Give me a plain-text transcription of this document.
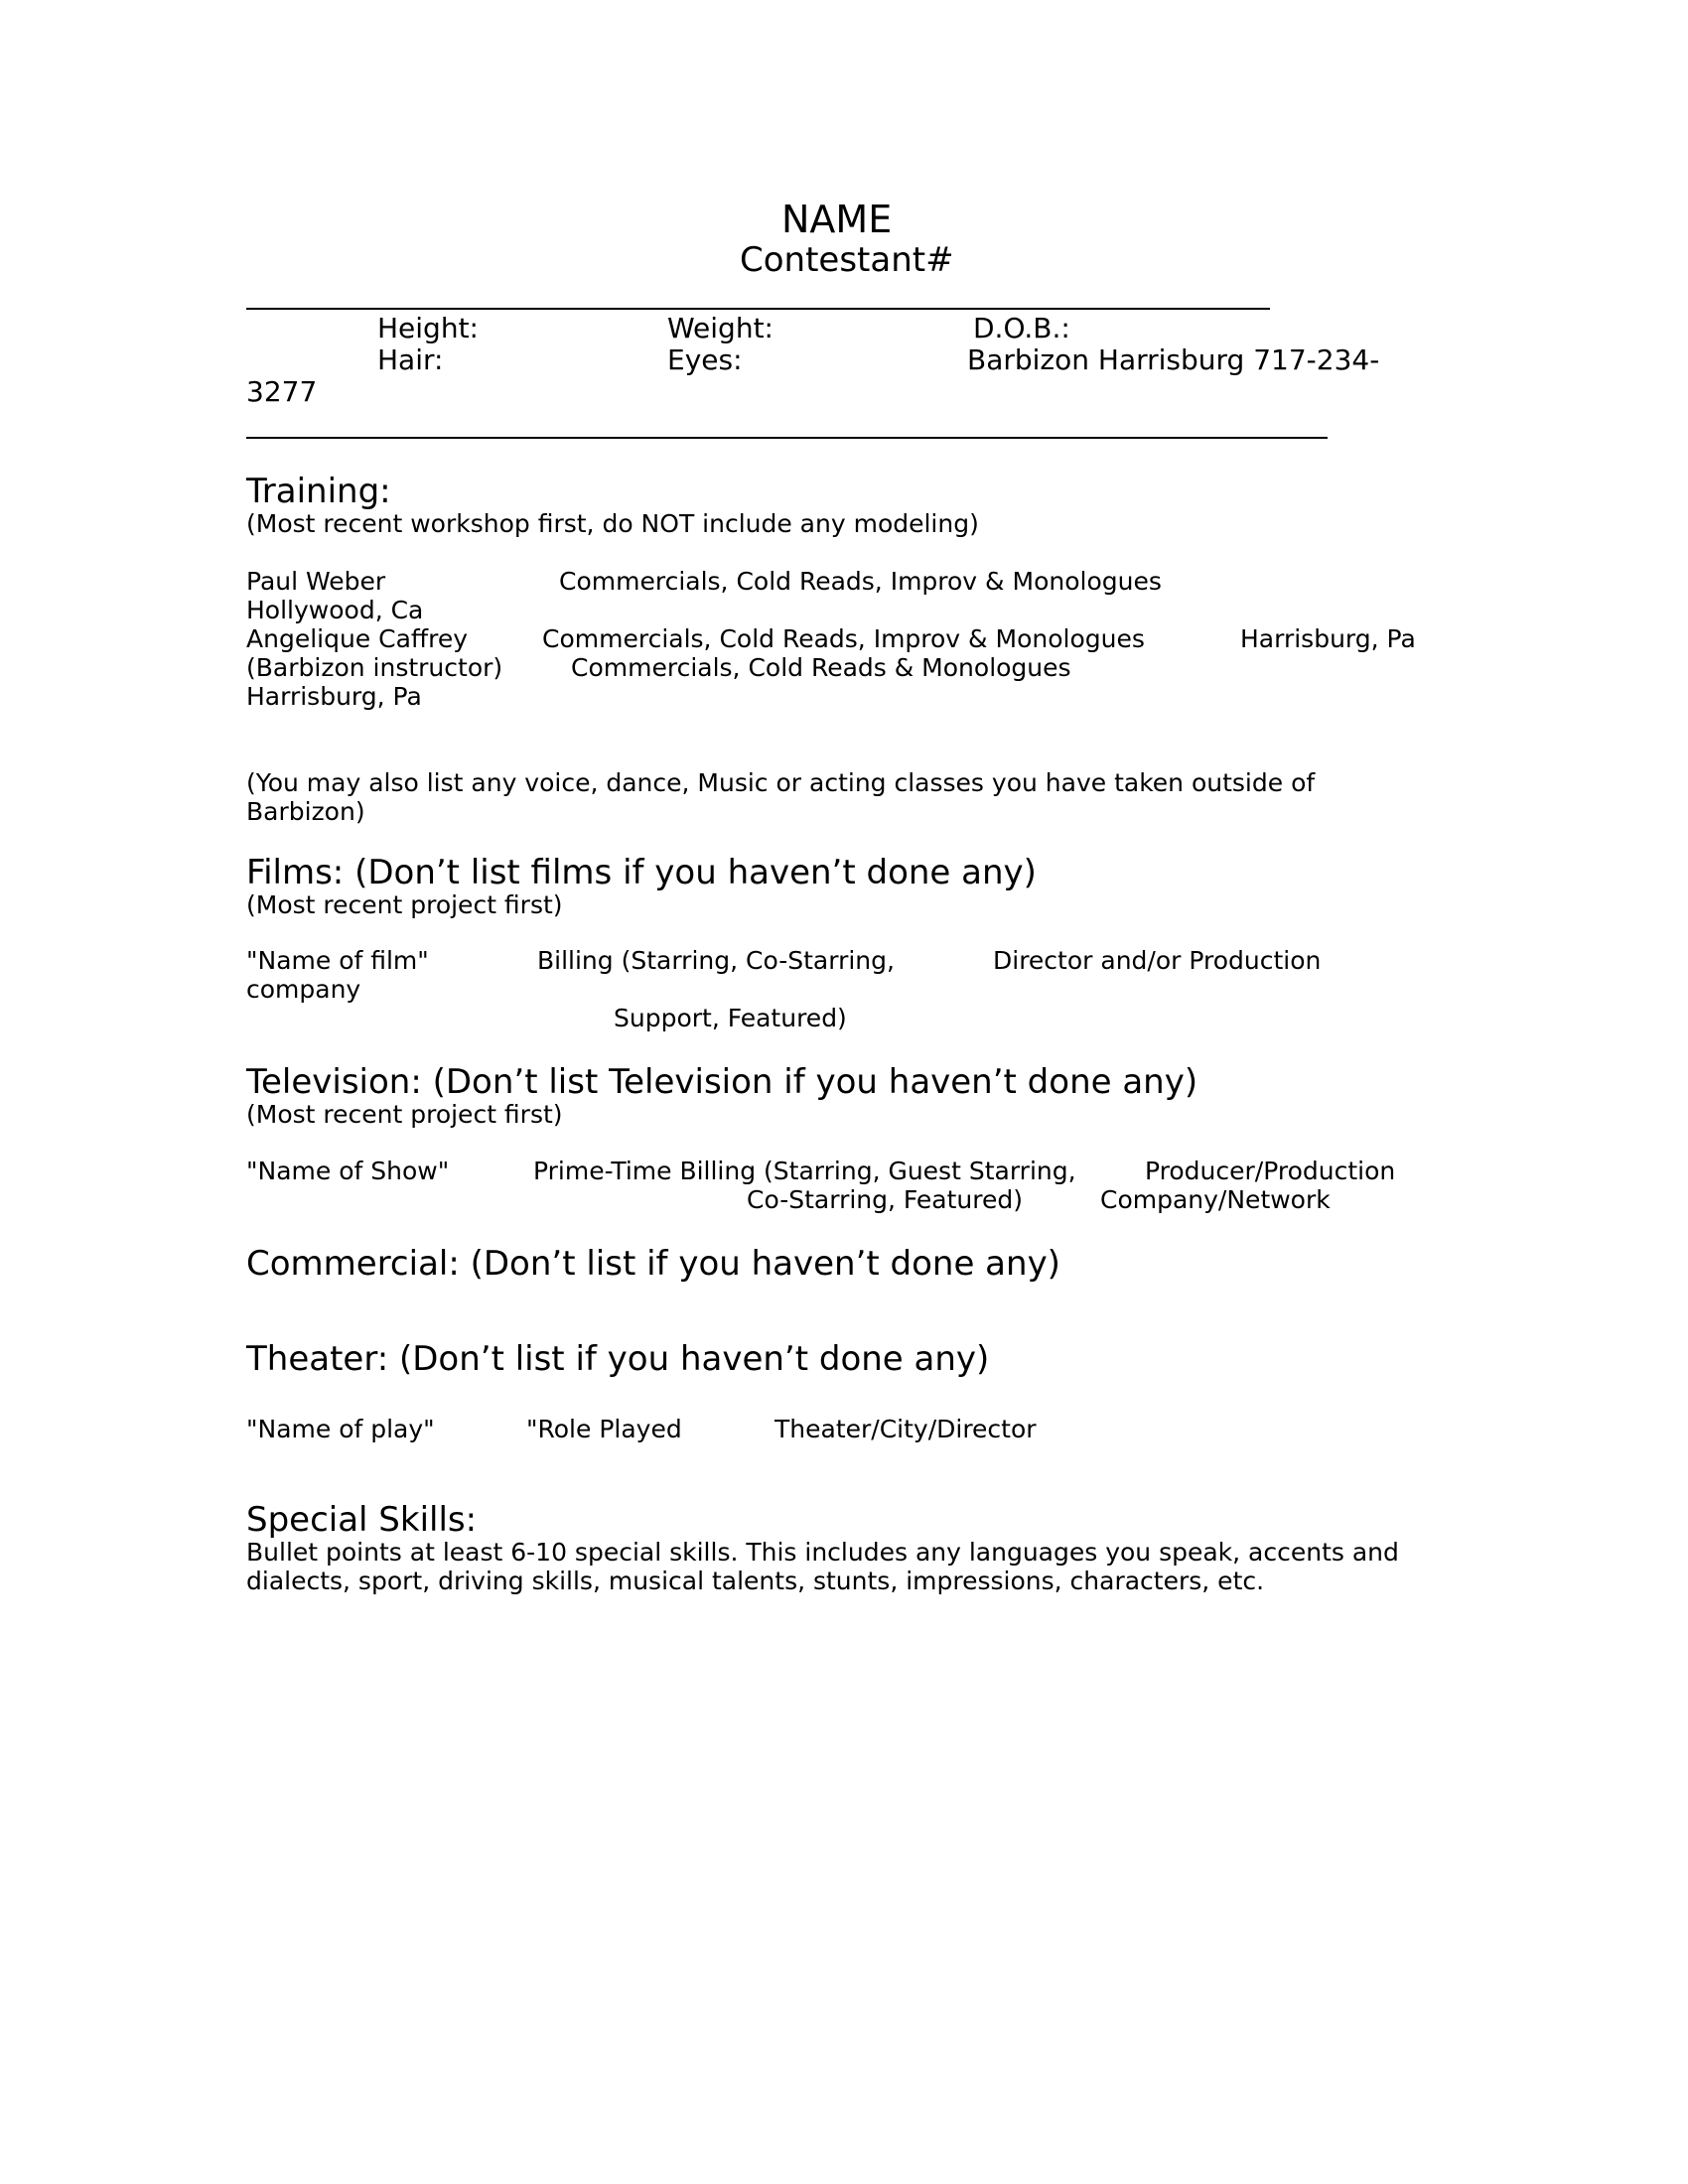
NAME
Contestant#
Height:	Weight:	D.O.B.:
Hair:	Eyes:	Barbizon Harrisburg 717-234-
3277
Training:
(Most recent workshop first, do NOT include any modeling)
Paul Weber	Commercials, Cold Reads, Improv & Monologues
Hollywood, Ca
Angelique Caffrey	Commercials, Cold Reads, Improv & Monologues	Harrisburg, Pa
(Barbizon instructor)	Commercials, Cold Reads & Monologues
Harrisburg, Pa
(You may also list any voice, dance, Music or acting classes you have taken outside of
Barbizon)
Films: (Don’t list films if you haven’t done any)
(Most recent project first)
"Name of film"	Billing (Starring, Co-Starring,	Director and/or Production
company
Support, Featured)
Television: (Don’t list Television if you haven’t done any)
(Most recent project first)
"Name of Show"	Prime-Time Billing (Starring, Guest Starring,	Producer/Production
Co-Starring, Featured)	Company/Network
Commercial: (Don’t list if you haven’t done any)
Theater: (Don’t list if you haven’t done any)
"Name of play"	"Role Played	Theater/City/Director
Special Skills:
Bullet points at least 6-10 special skills. This includes any languages you speak, accents and
dialects, sport, driving skills, musical talents, stunts, impressions, characters, etc.
